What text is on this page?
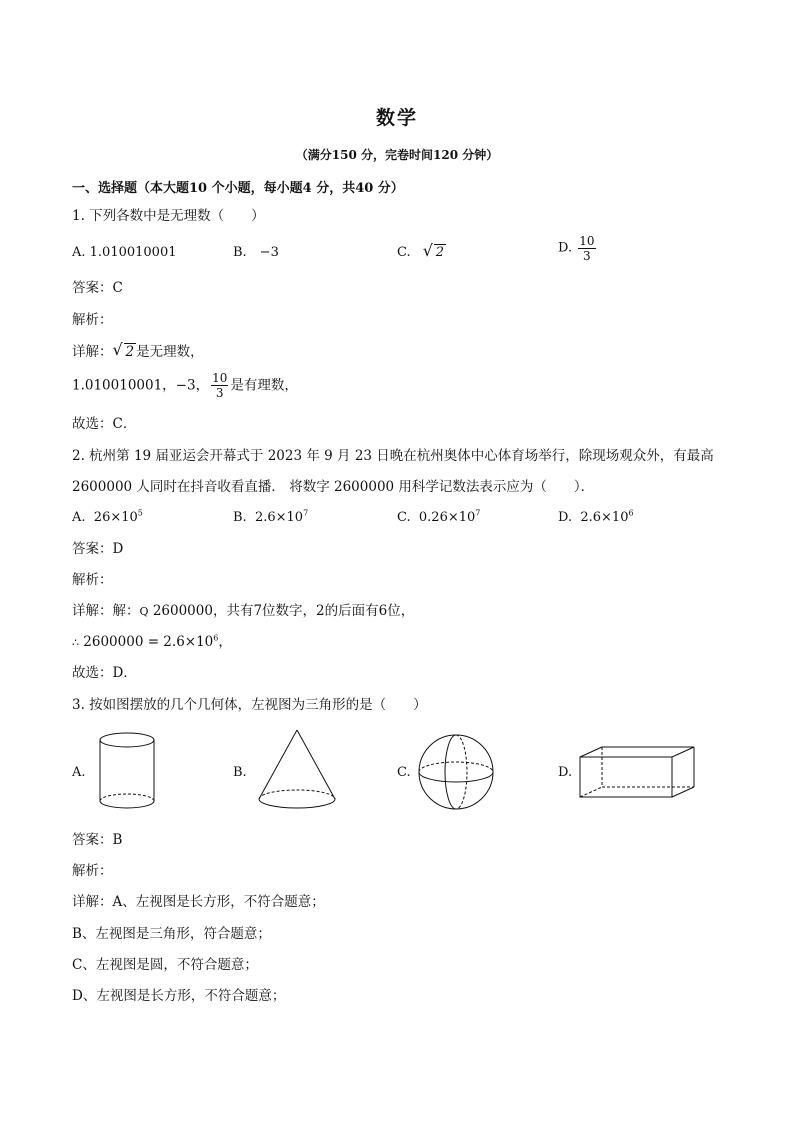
数学
（满分150 分，完卷时间120 分钟）
一、选择题（本大题10 个小题，每小题4 分，共40 分）
1. 下列各数中是无理数（　　）
A. 1.010010001	B.　−3	C. √ 2	D. $\frac{10}{3}$
答案：C
解析：
详解： √ 2 是无理数，
1.010010001，−3， $\frac{10}{3}$ 是有理数，
故选：C．
2. 杭州第 19 届亚运会开幕式于 2023 年 9 月 23 日晚在杭州奥体中心体育场举行，除现场观众外，有最高
2600000 人同时在抖音收看直播． 将数字 2600000 用科学记数法表示应为（　　）．
A. $26\times 10^5$	B. $2.6\times 10^7$	C. $0.26\times 10^7$	D. $2.6\times 10^6$
答案：D
解析：
详解：解：Q 2600000，共有7位数字，2的后面有6位，
∴ $2600000 = 2.6\times 10^6$，
故选：D．
3. 按如图摆放的几个几何体，左视图为三角形的是（　　）
A.	B.	C.	D.
答案：B
解析：
详解：A、左视图是长方形，不符合题意；
B、左视图是三角形，符合题意；
C、左视图是圆，不符合题意；
D、左视图是长方形，不符合题意；
